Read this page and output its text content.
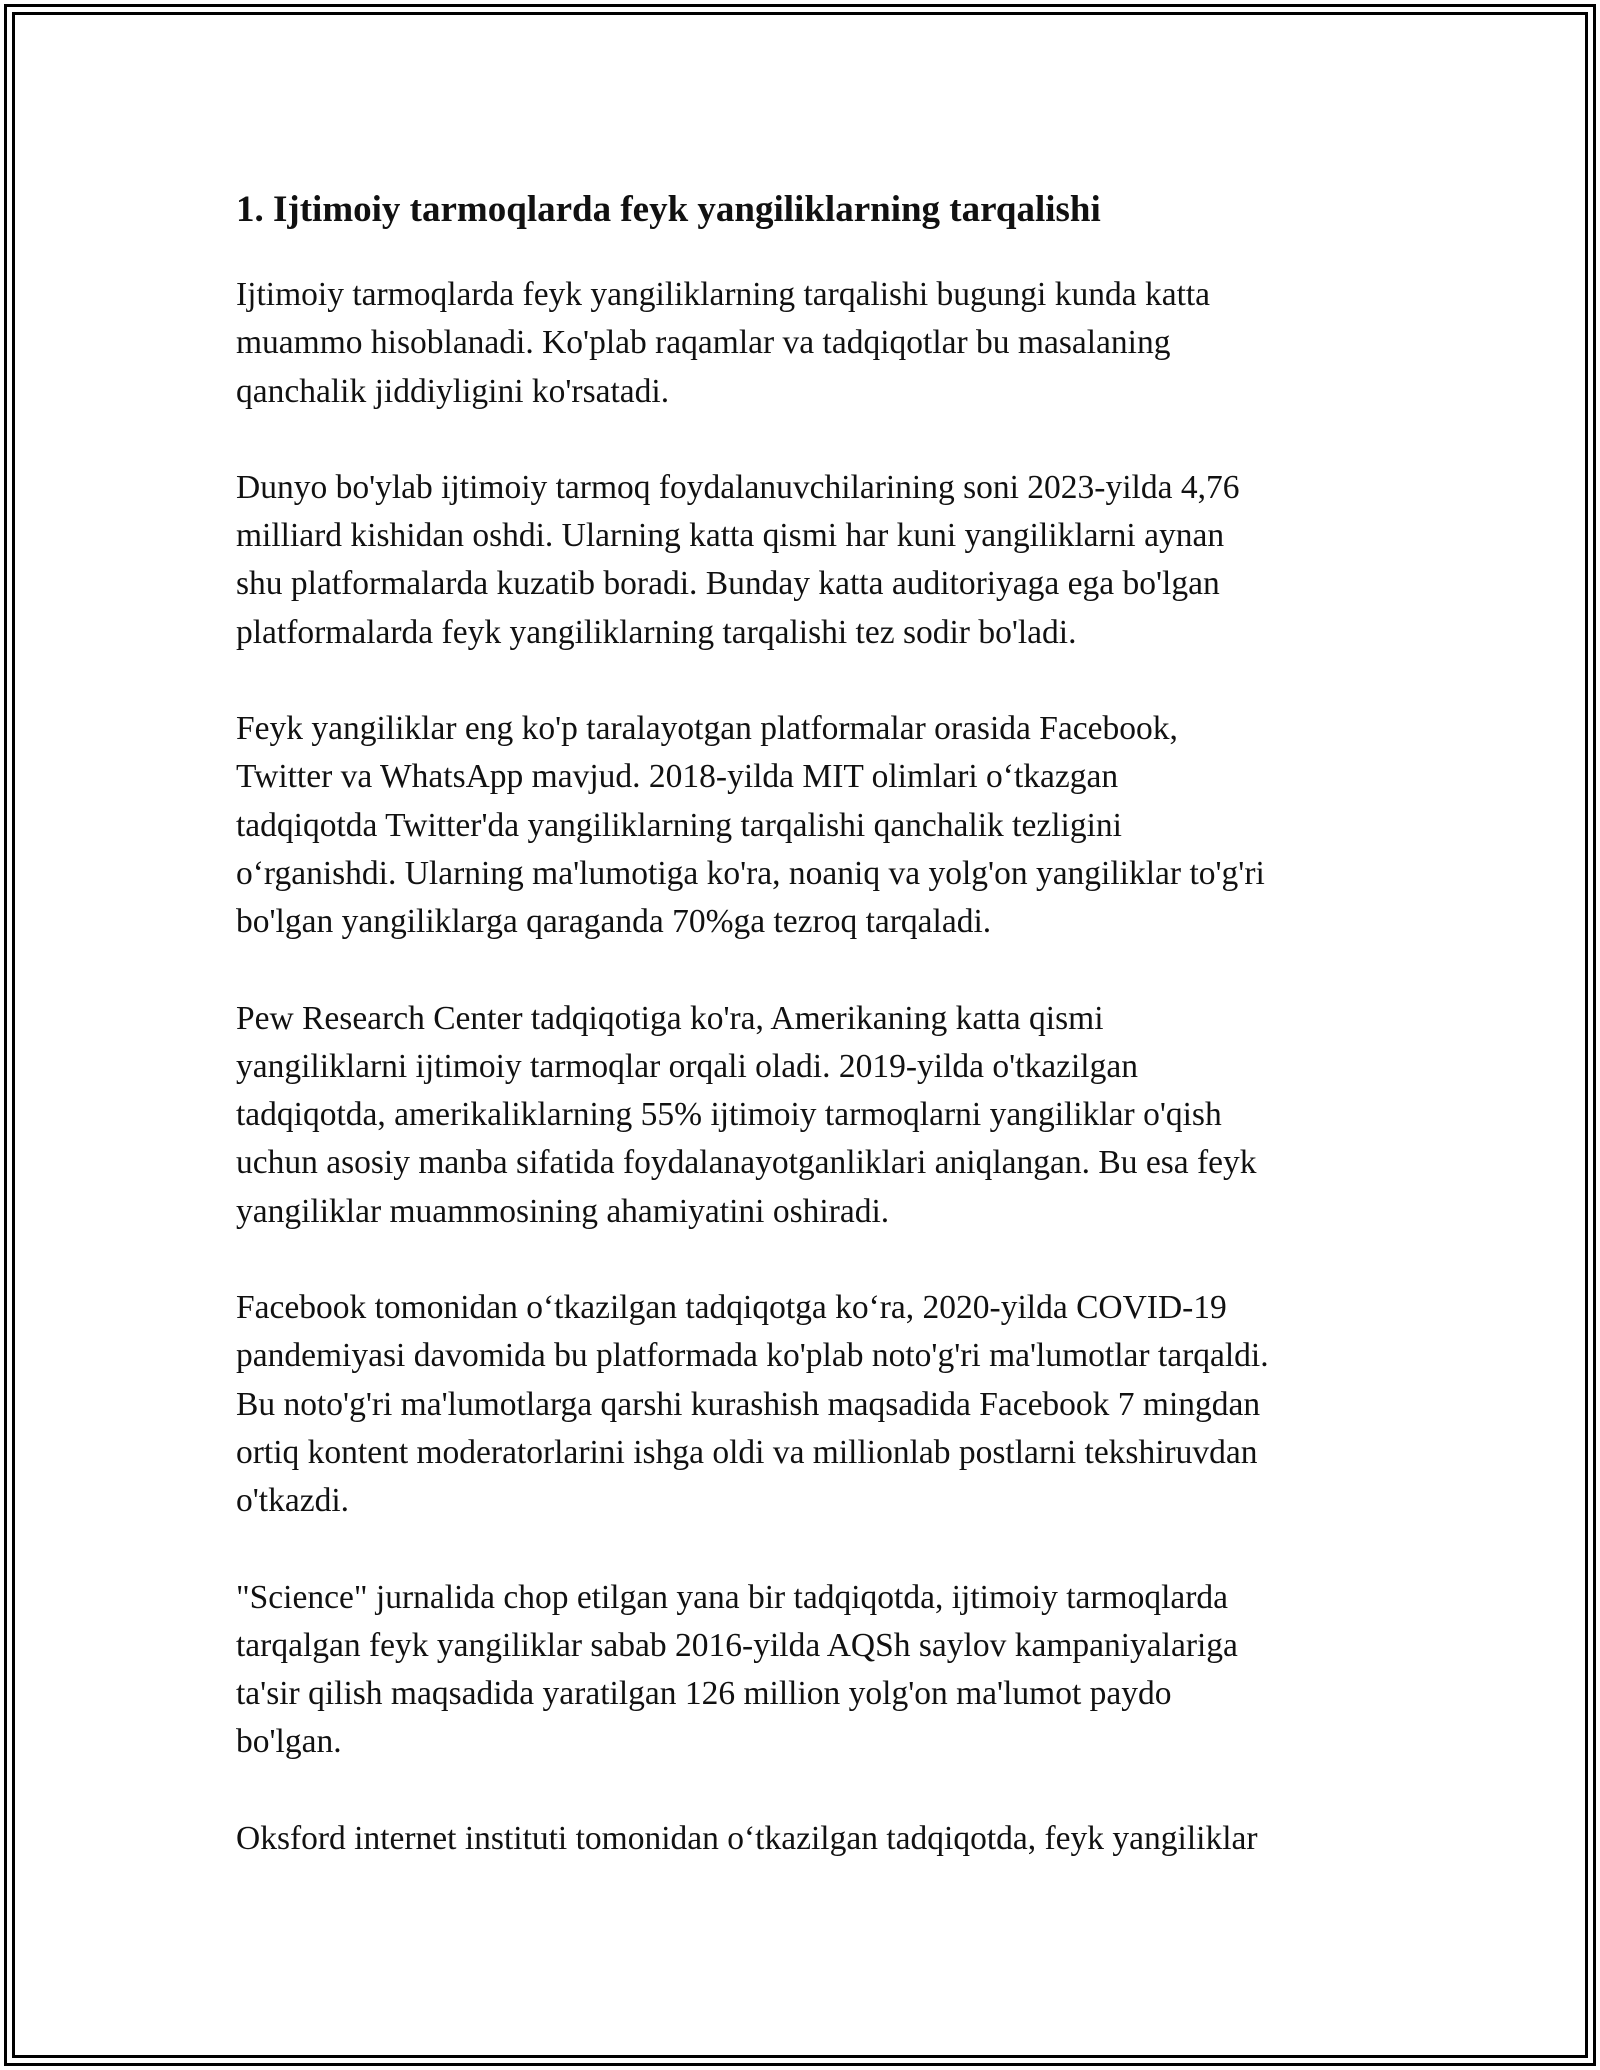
1. Ijtimoiy tarmoqlarda feyk yangiliklarning tarqalishi
Ijtimoiy tarmoqlarda feyk yangiliklarning tarqalishi bugungi kunda katta
muammo hisoblanadi. Ko'plab raqamlar va tadqiqotlar bu masalaning
qanchalik jiddiyligini ko'rsatadi.
Dunyo bo'ylab ijtimoiy tarmoq foydalanuvchilarining soni 2023-yilda 4,76
milliard kishidan oshdi. Ularning katta qismi har kuni yangiliklarni aynan
shu platformalarda kuzatib boradi. Bunday katta auditoriyaga ega bo'lgan
platformalarda feyk yangiliklarning tarqalishi tez sodir bo'ladi.
Feyk yangiliklar eng ko'p taralayotgan platformalar orasida Facebook,
Twitter va WhatsApp mavjud. 2018-yilda MIT olimlari o‘tkazgan
tadqiqotda Twitter'da yangiliklarning tarqalishi qanchalik tezligini
o‘rganishdi. Ularning ma'lumotiga ko'ra, noaniq va yolg'on yangiliklar to'g'ri
bo'lgan yangiliklarga qaraganda 70%ga tezroq tarqaladi.
Pew Research Center tadqiqotiga ko'ra, Amerikaning katta qismi
yangiliklarni ijtimoiy tarmoqlar orqali oladi. 2019-yilda o'tkazilgan
tadqiqotda, amerikaliklarning 55% ijtimoiy tarmoqlarni yangiliklar o'qish
uchun asosiy manba sifatida foydalanayotganliklari aniqlangan. Bu esa feyk
yangiliklar muammosining ahamiyatini oshiradi.
Facebook tomonidan o‘tkazilgan tadqiqotga ko‘ra, 2020-yilda COVID-19
pandemiyasi davomida bu platformada ko'plab noto'g'ri ma'lumotlar tarqaldi.
Bu noto'g'ri ma'lumotlarga qarshi kurashish maqsadida Facebook 7 mingdan
ortiq kontent moderatorlarini ishga oldi va millionlab postlarni tekshiruvdan
o'tkazdi.
"Science" jurnalida chop etilgan yana bir tadqiqotda, ijtimoiy tarmoqlarda
tarqalgan feyk yangiliklar sabab 2016-yilda AQSh saylov kampaniyalariga
ta'sir qilish maqsadida yaratilgan 126 million yolg'on ma'lumot paydo
bo'lgan.
Oksford internet instituti tomonidan o‘tkazilgan tadqiqotda, feyk yangiliklar
